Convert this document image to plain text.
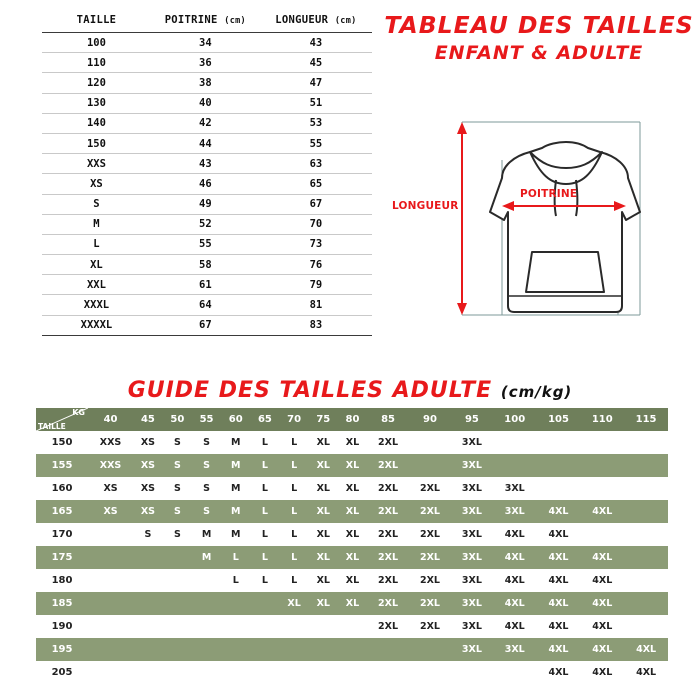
TAILLE	POITRINE (cm)	LONGUEUR (cm)
100	34	43
110	36	45
120	38	47
130	40	51
140	42	53
150	44	55
XXS	43	63
XS	46	65
S	49	67
M	52	70
L	55	73
XL	58	76
XXL	61	79
XXXL	64	81
XXXXL	67	83
TABLEAU DES TAILLES
ENFANT & ADULTE
LONGUEUR
POITRINE
GUIDE DES TAILLES ADULTE (cm/kg)
KG
TAILLE	40	45	50	55	60	65	70	75	80	85	90	95	100	105	110	115
150	XXS	XS	S	S	M	L	L	XL	XL	2XL		3XL				
155	XXS	XS	S	S	M	L	L	XL	XL	2XL		3XL				
160	XS	XS	S	S	M	L	L	XL	XL	2XL	2XL	3XL	3XL			
165	XS	XS	S	S	M	L	L	XL	XL	2XL	2XL	3XL	3XL	4XL	4XL	
170		S	S	M	M	L	L	XL	XL	2XL	2XL	3XL	4XL	4XL		
175				M	L	L	L	XL	XL	2XL	2XL	3XL	4XL	4XL	4XL	
180					L	L	L	XL	XL	2XL	2XL	3XL	4XL	4XL	4XL	
185							XL	XL	XL	2XL	2XL	3XL	4XL	4XL	4XL	
190										2XL	2XL	3XL	4XL	4XL	4XL	
195												3XL	3XL	4XL	4XL	4XL
205														4XL	4XL	4XL
